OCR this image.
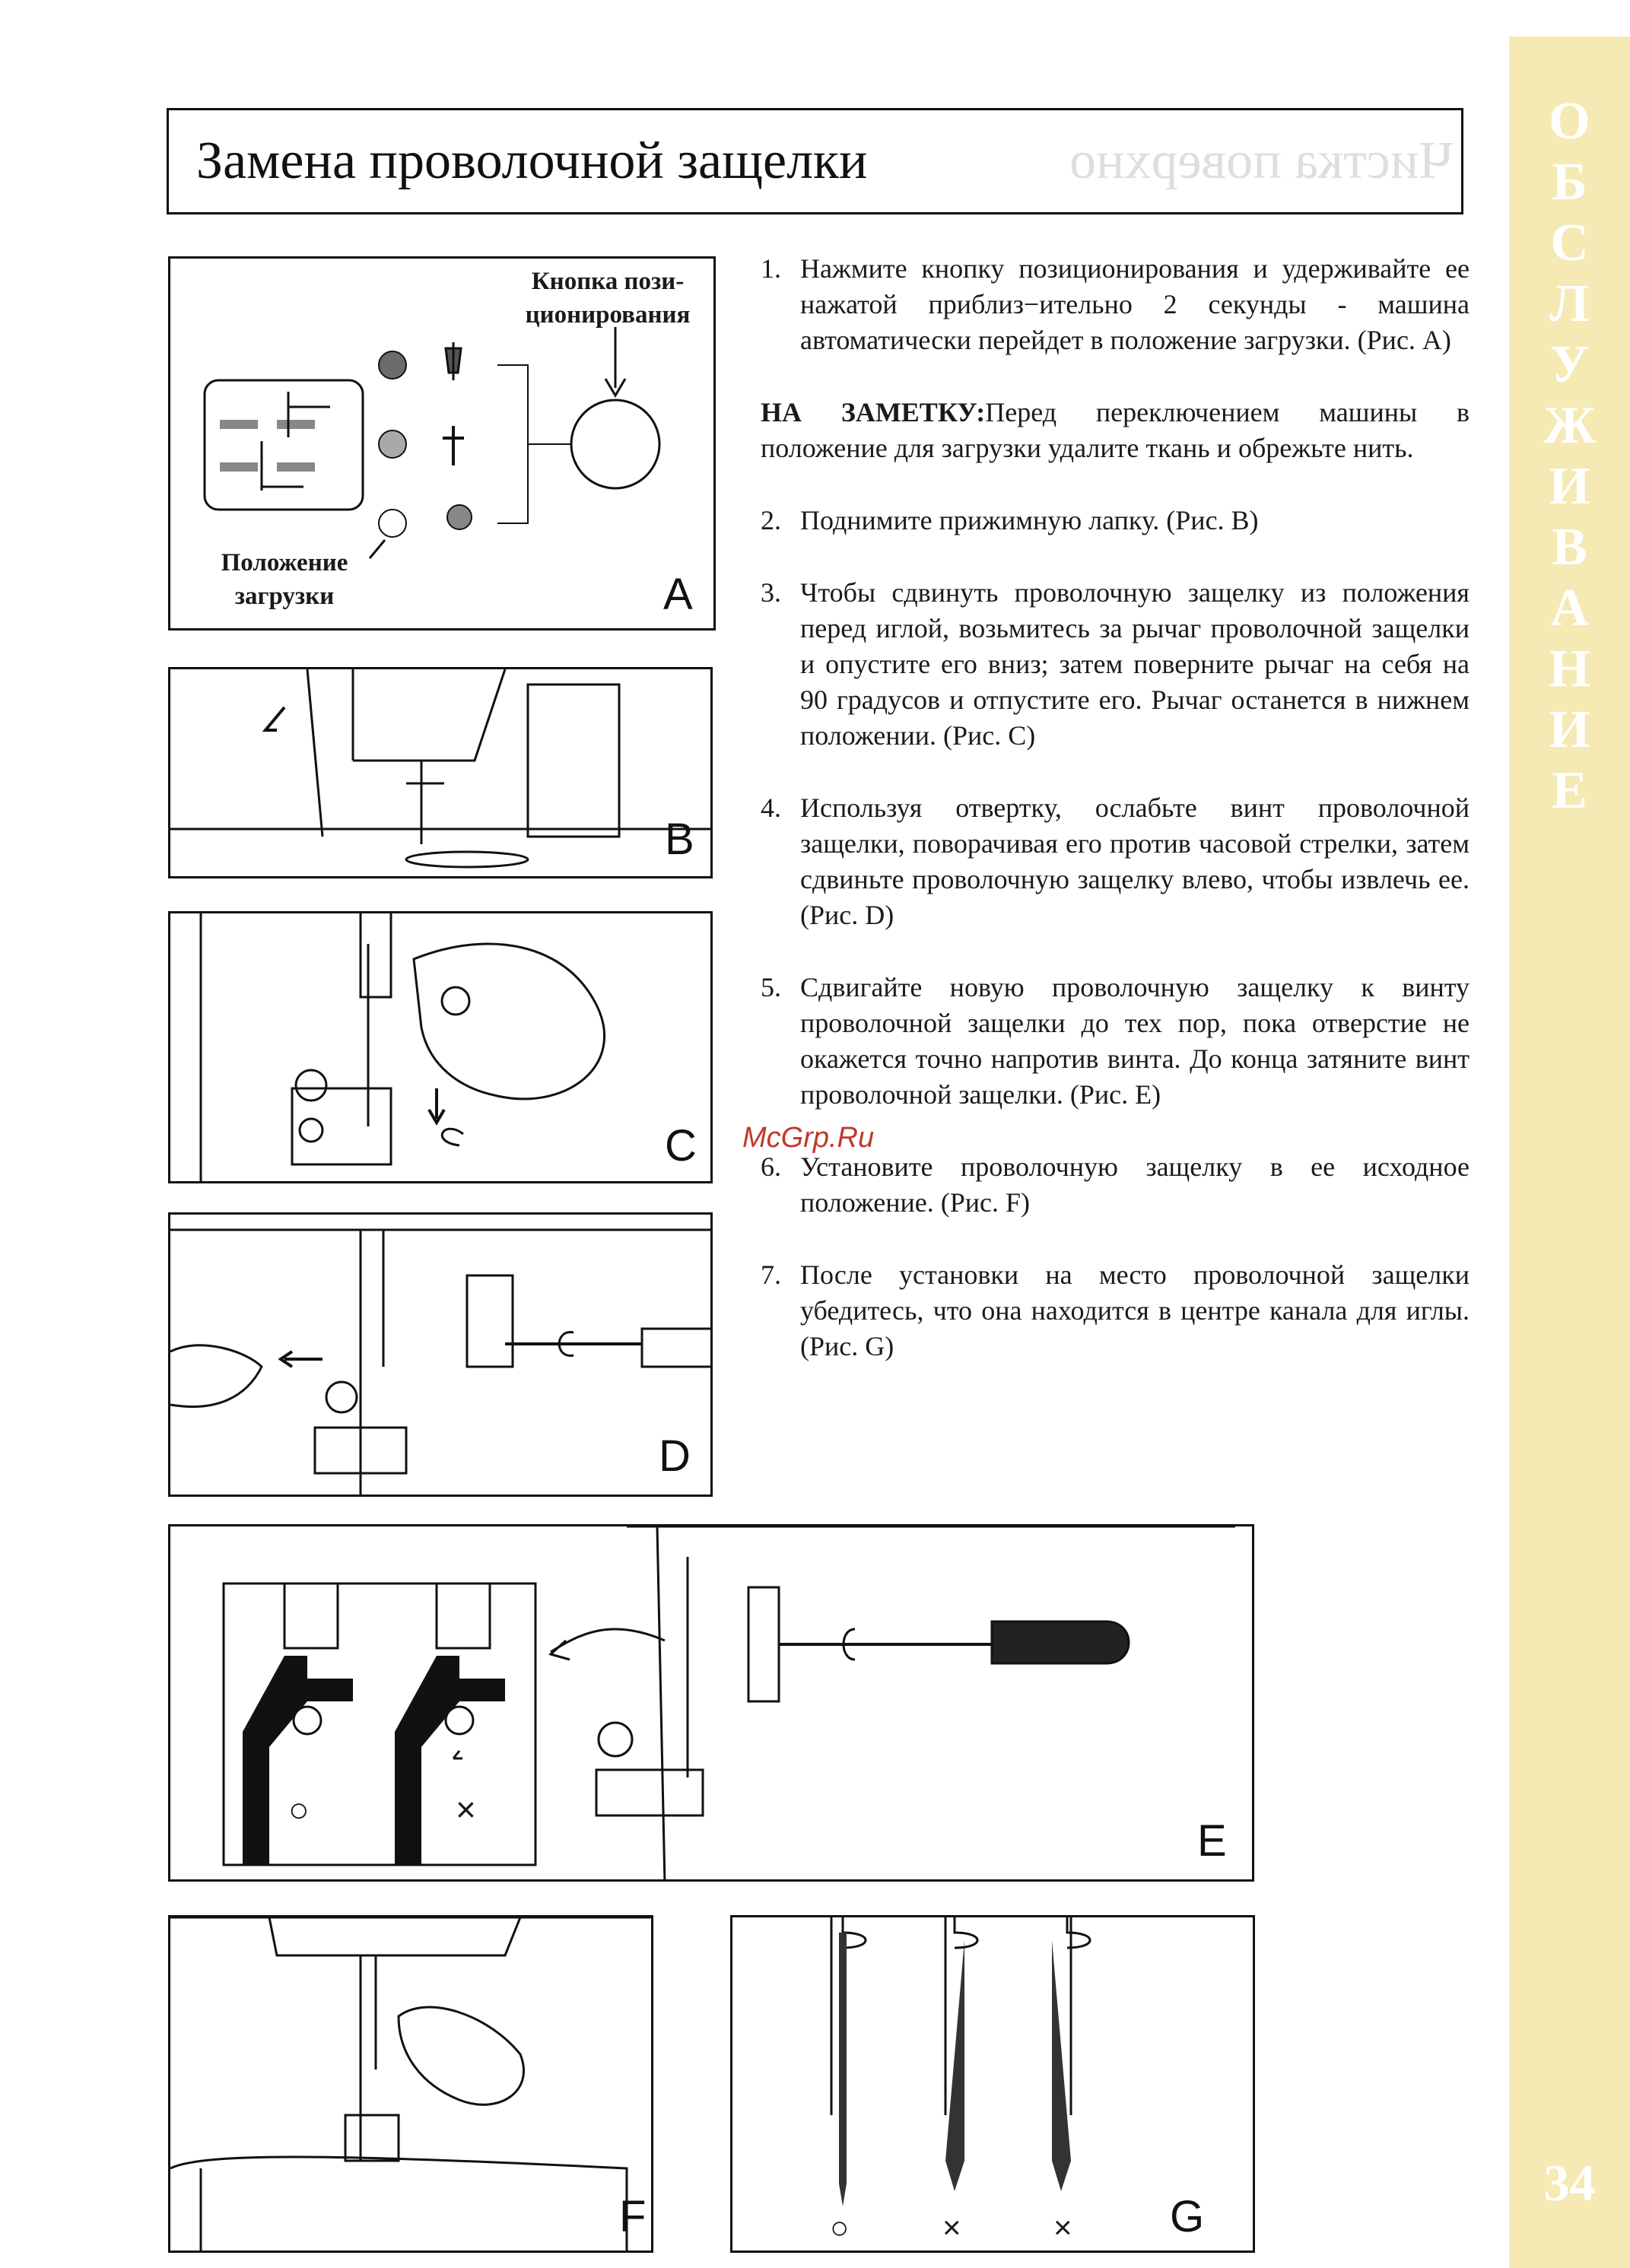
О
Б
С
Л
У
Ж
И
В
А
Н
И
Е
34
Чистка поверхно
Замена проволочной защелки
Кнопка пози-
ционирования
Положение
загрузки	A
B
C
D
○	×
E
F	○	×	× G
1. Нажмите кнопку позиционирования и удерживайте ее нажатой приблиз−ительно 2 секунды - машина автоматически перейдет в положение загрузки. (Рис. A)
НА ЗАМЕТКУ:Перед переключением машины в положение для загрузки удалите ткань и обрежьте нить.
2. Поднимите прижимную лапку. (Рис. B)
3. Чтобы сдвинуть проволочную защелку из положения перед иглой, возьмитесь за рычаг проволочной защелки и опустите его вниз; затем поверните рычаг на себя на 90 градусов и отпустите его. Рычаг останется в нижнем положении. (Рис. C)
4. Используя отвертку, ослабьте винт проволочной защелки, поворачивая его против часовой стрелки, затем сдвиньте проволочную защелку влево, чтобы извлечь ее. (Рис. D)
5. Сдвигайте новую проволочную защелку к винту проволочной защелки до тех пор, пока отверстие не окажется точно напротив винта. До конца затяните винт проволочной защелки. (Рис. E)
6. Установите проволочную защелку в ее исходное положение. (Рис. F)
7. После установки на место проволочной защелки убедитесь, что она находится в центре канала для иглы. (Рис. G)
McGrp.Ru
